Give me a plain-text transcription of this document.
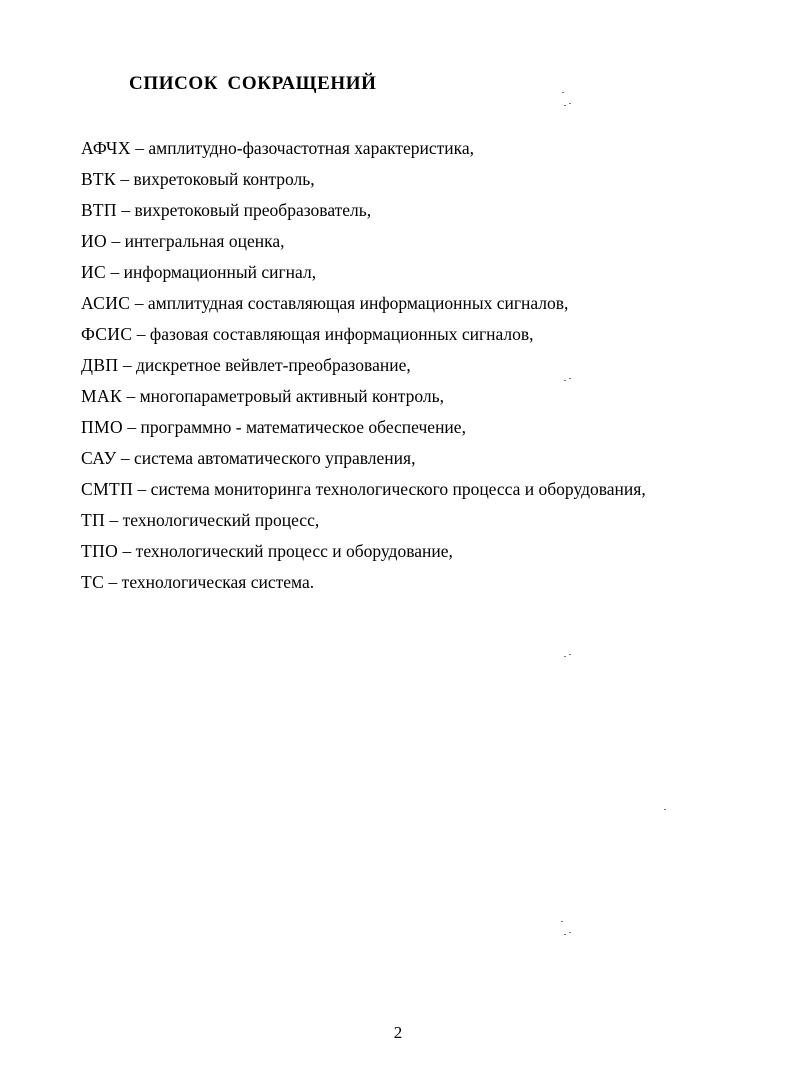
СПИСОК СОКРАЩЕНИЙ
АФЧХ – амплитудно-фазочастотная характеристика,
ВТК – вихретоковый контроль,
ВТП – вихретоковый преобразователь,
ИО – интегральная оценка,
ИС – информационный сигнал,
АСИС – амплитудная составляющая информационных сигналов,
ФСИС – фазовая составляющая информационных сигналов,
ДВП – дискретное вейвлет-преобразование,
МАК – многопараметровый активный контроль,
ПМО – программно - математическое обеспечение,
САУ – система автоматического управления,
СМТП – система мониторинга технологического процесса и оборудования,
ТП – технологический процесс,
ТПО – технологический процесс и оборудование,
ТС – технологическая система.
2
